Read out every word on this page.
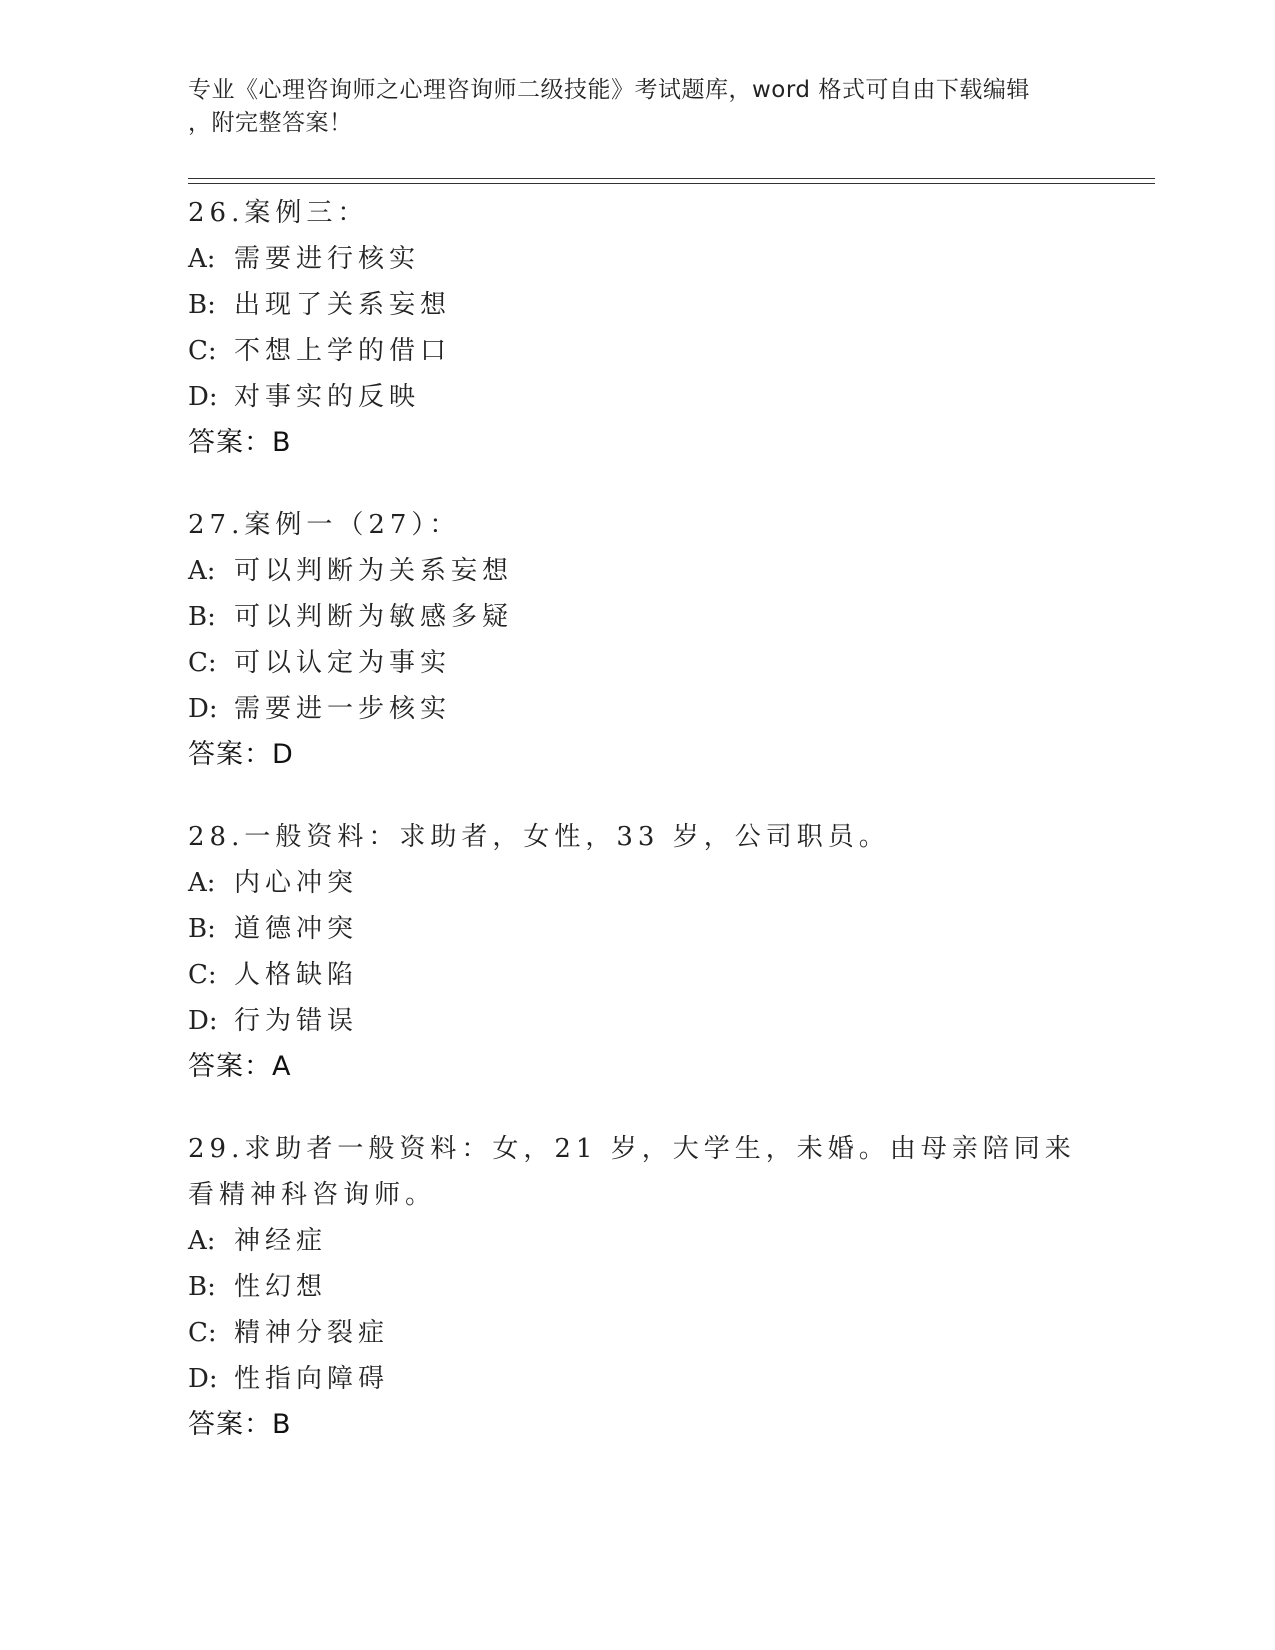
专业《心理咨询师之心理咨询师二级技能》考试题库，word 格式可自由下载编辑
，附完整答案！
26.案例三：
A: 需要进行核实
B: 出现了关系妄想
C: 不想上学的借口
D: 对事实的反映
答案：B
27.案例一（27）：
A: 可以判断为关系妄想
B: 可以判断为敏感多疑
C: 可以认定为事实
D: 需要进一步核实
答案：D
28.一般资料：求助者，女性，33 岁，公司职员。
A: 内心冲突
B: 道德冲突
C: 人格缺陷
D: 行为错误
答案：A
29.求助者一般资料：女，21 岁，大学生，未婚。由母亲陪同来看精神科咨询师。
A: 神经症
B: 性幻想
C: 精神分裂症
D: 性指向障碍
答案：B
